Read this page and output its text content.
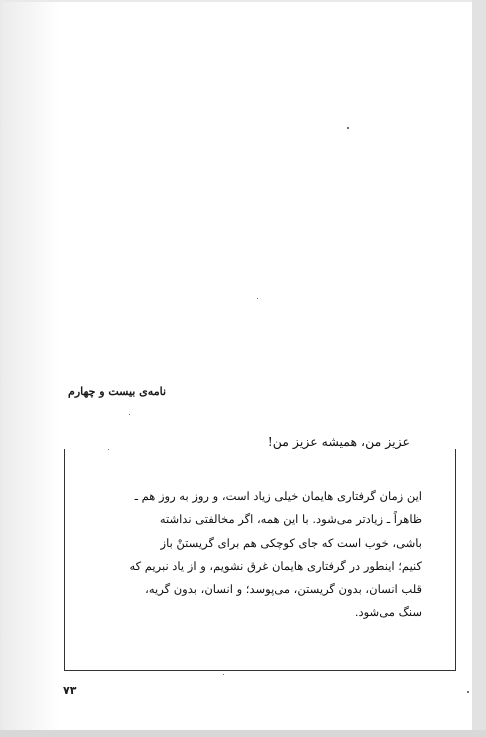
نامه‌ی بیست و چهارم
عزیز من، همیشه عزیز من!
این زمان گرفتاری هایمان خیلی زیاد است، و روز به روز هم ـ
ظاهراً ـ زیادتر می‌شود. با این همه، اگر مخالفتی نداشته
باشی، خوب است که جای کوچکی هم برای گریستنْ باز
کنیم؛ اینطور در گرفتاری هایمان غرق نشویم، و از یاد نبریم که
قلب انسان، بدون گریستن، می‌پوسد؛ و انسان، بدون گریه،
سنگ می‌شود.
۷۳
